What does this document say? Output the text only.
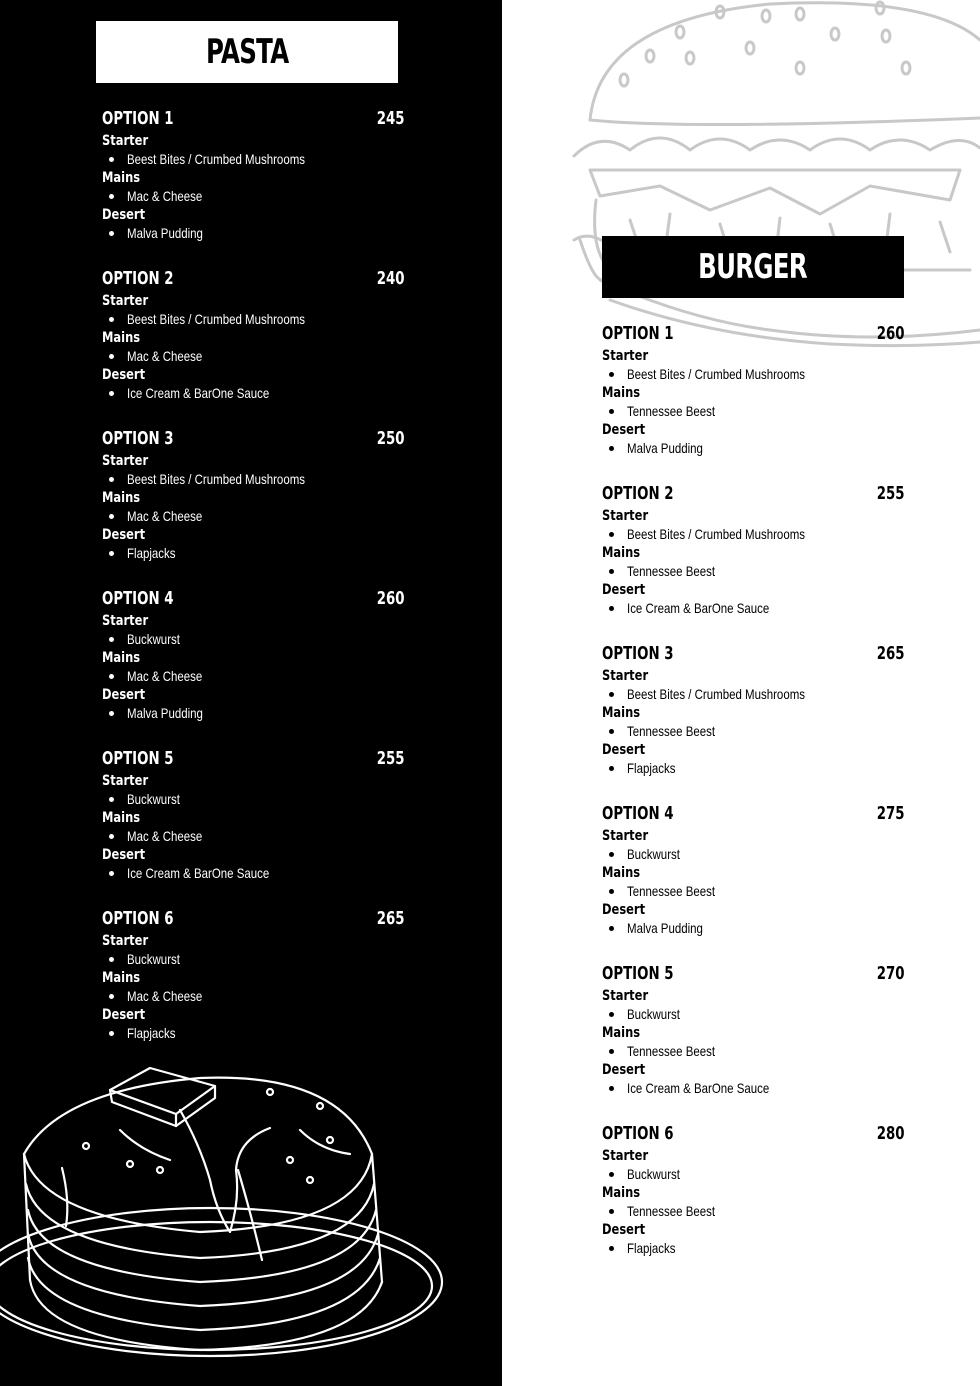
PASTA
BURGER
OPTION 1	245
Starter
Beest Bites / Crumbed Mushrooms
Mains
Mac & Cheese
Desert
Malva Pudding
OPTION 2	240
Starter
Beest Bites / Crumbed Mushrooms
Mains
Mac & Cheese
Desert
Ice Cream & BarOne Sauce
OPTION 3	250
Starter
Beest Bites / Crumbed Mushrooms
Mains
Mac & Cheese
Desert
Flapjacks
OPTION 4	260
Starter
Buckwurst
Mains
Mac & Cheese
Desert
Malva Pudding
OPTION 5	255
Starter
Buckwurst
Mains
Mac & Cheese
Desert
Ice Cream & BarOne Sauce
OPTION 6	265
Starter
Buckwurst
Mains
Mac & Cheese
Desert
Flapjacks
OPTION 1	260
Starter
Beest Bites / Crumbed Mushrooms
Mains
Tennessee Beest
Desert
Malva Pudding
OPTION 2	255
Starter
Beest Bites / Crumbed Mushrooms
Mains
Tennessee Beest
Desert
Ice Cream & BarOne Sauce
OPTION 3	265
Starter
Beest Bites / Crumbed Mushrooms
Mains
Tennessee Beest
Desert
Flapjacks
OPTION 4	275
Starter
Buckwurst
Mains
Tennessee Beest
Desert
Malva Pudding
OPTION 5	270
Starter
Buckwurst
Mains
Tennessee Beest
Desert
Ice Cream & BarOne Sauce
OPTION 6	280
Starter
Buckwurst
Mains
Tennessee Beest
Desert
Flapjacks
